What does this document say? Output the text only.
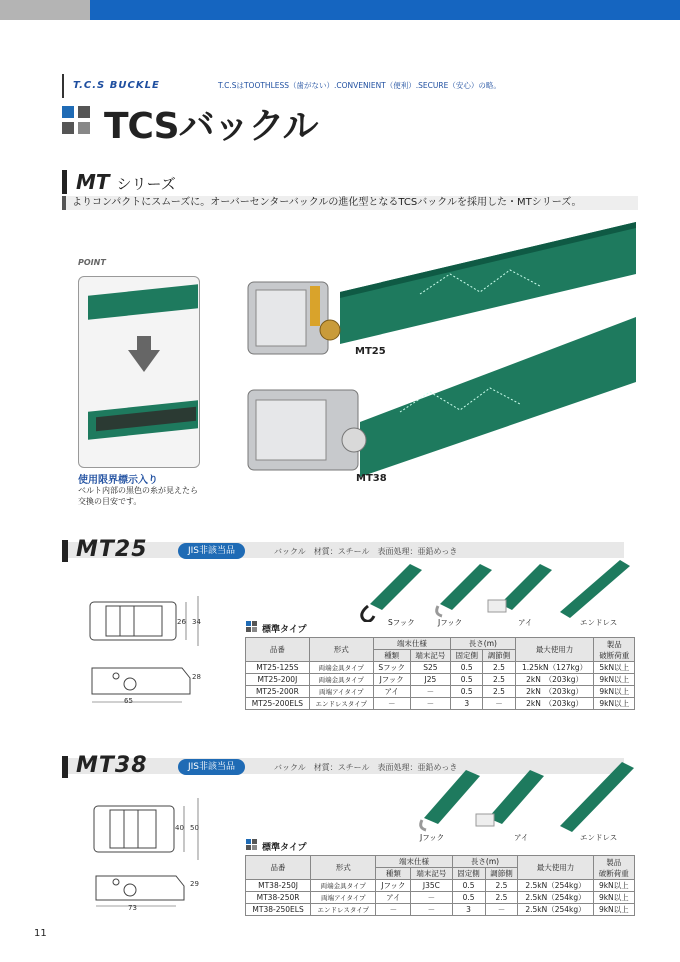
T.C.S BUCKLE	T.C.SはTOOTHLESS（歯がない）.CONVENIENT（便利）.SECURE（安心）の略。
TCSバックル
MT シリーズ
よりコンパクトにスムーズに。オーバーセンターバックルの進化型となるTCSバックルを採用した・MTシリーズ。
POINT
使用限界標示入り
ベルト内部の黒色の糸が見えたら
交換の目安です。
MT25
MT38
MT25	JIS非該当品	バックル　材質：スチール　表面処理：亜鉛めっき
26 34
28
65
Sフック	Jフック	アイ	エンドレス
標準タイプ
品番	形式	端末仕様		長さ(m)		最大使用力	製品
破断荷重
		種類	端末記号	固定側	調節側		
MT25-125S	両端金具タイプ	Sフック	S25	0.5	2.5	1.25kN（127kg）	5kN以上
MT25-200J	両端金具タイプ	Jフック	J25	0.5	2.5	2kN　（203kg）	9kN以上
MT25-200R	両端アイタイプ	アイ	－	0.5	2.5	2kN　（203kg）	9kN以上
MT25-200ELS	エンドレスタイプ	－	－	3	－	2kN　（203kg）	9kN以上
MT38	JIS非該当品	バックル　材質：スチール　表面処理：亜鉛めっき
40 50
29
73
Jフック	アイ	エンドレス
標準タイプ
品番	形式	端末仕様		長さ(m)		最大使用力	製品
破断荷重
		種類	端末記号	固定側	調節側		
MT38-250J	両端金具タイプ	Jフック	J35C	0.5	2.5	2.5kN（254kg）	9kN以上
MT38-250R	両端アイタイプ	アイ	－	0.5	2.5	2.5kN（254kg）	9kN以上
MT38-250ELS	エンドレスタイプ	－	－	3	－	2.5kN（254kg）	9kN以上
11
